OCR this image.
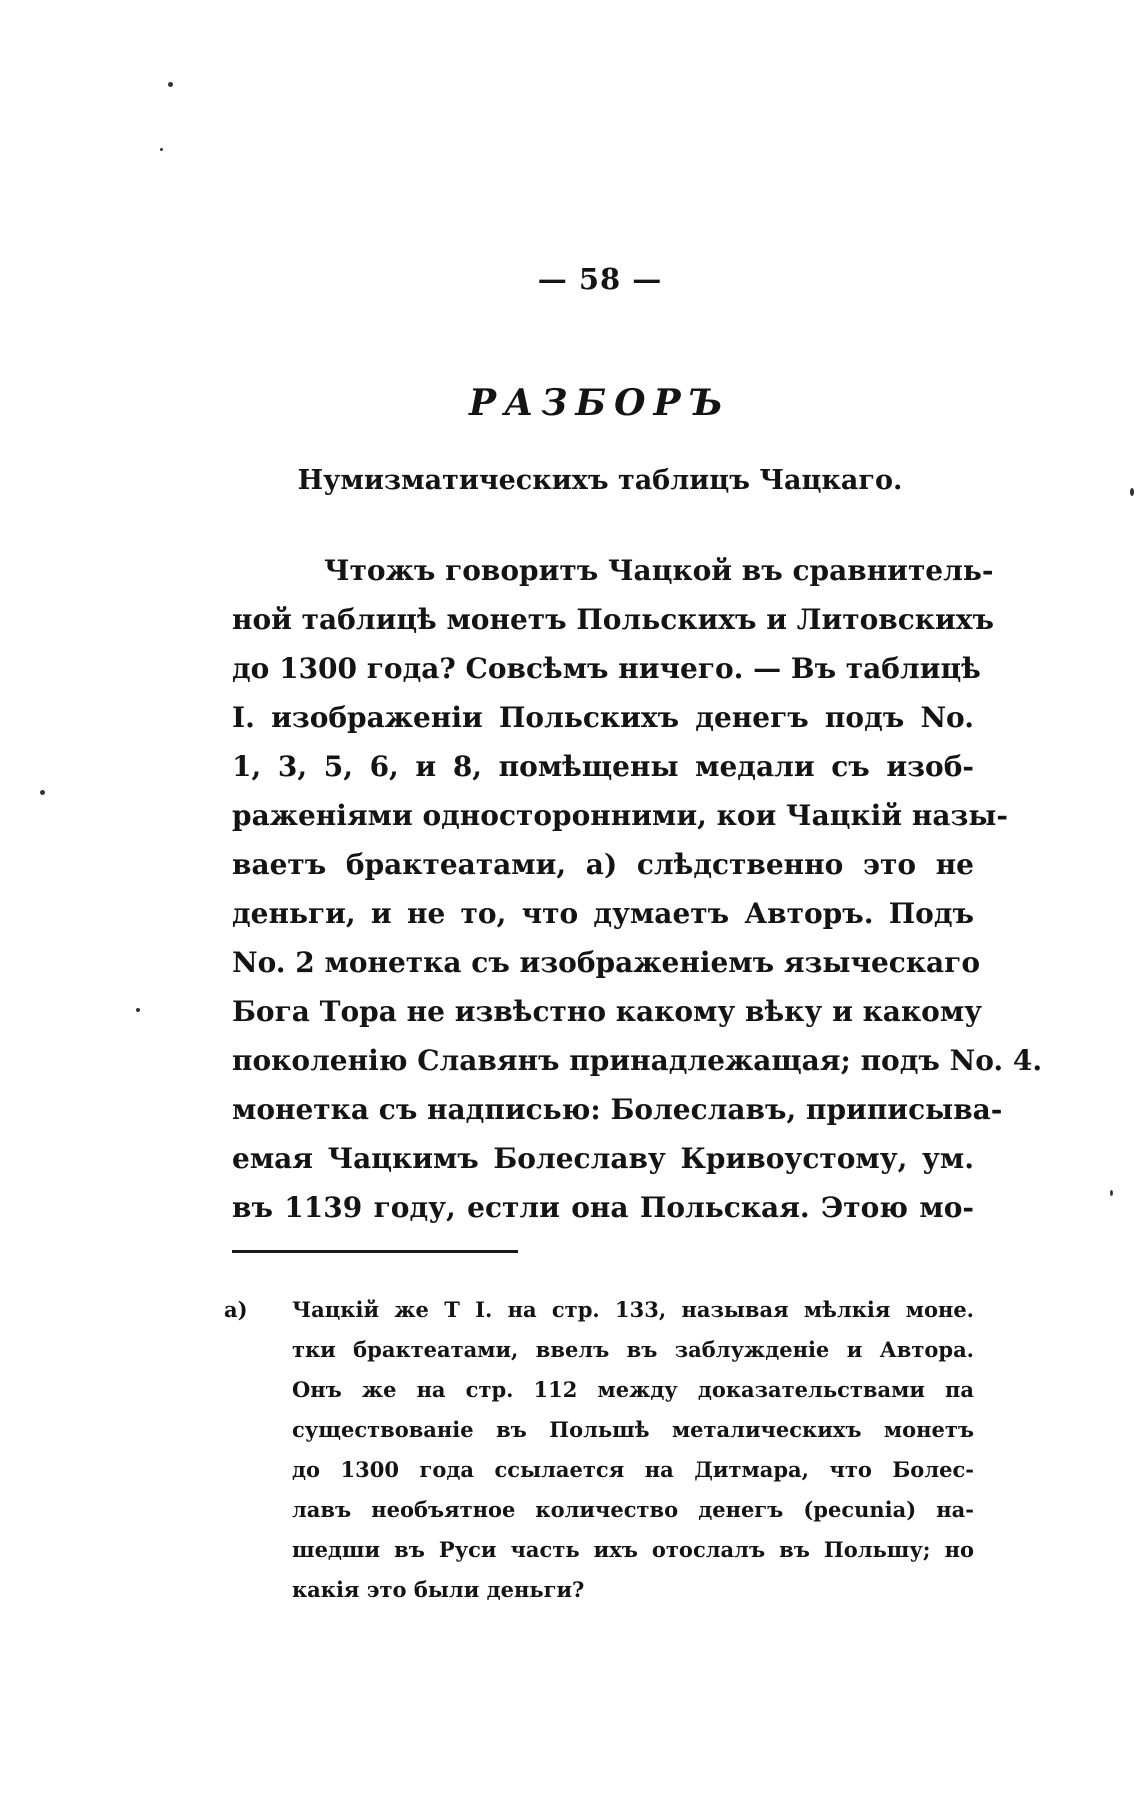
— 58 —
РАЗБОРЪ
Нумизматическихъ таблицъ Чацкаго.
Чтожъ говоритъ Чацкой въ сравнитель-
ной таблицѣ монетъ Польскихъ и Литовскихъ
до 1300 года? Совсѣмъ ничего. — Въ таблицѣ
I. изображеніи Польскихъ денегъ подъ No.
1, 3, 5, 6, и 8, помѣщены медали съ изоб-
раженіями односторонними, кои Чацкій назы-
ваетъ брактеатами, а) слѣдственно это не
деньги, и не то, что думаетъ Авторъ. Подъ
No. 2 монетка съ изображеніемъ языческаго
Бога Тора не извѣстно какому вѣку и какому
поколенію Славянъ принадлежащая; подъ No. 4.
монетка съ надписью: Болеславъ, приписыва-
емая Чацкимъ Болеславу Кривоустому, ум.
въ 1139 году, естли она Польская. Этою мо-
а) Чацкій же Т I. на стр. 133, называя мѣлкія моне.
тки брактеатами, ввелъ въ заблужденіе и Автора.
Онъ же на стр. 112 между доказательствами па
существованіе въ Польшѣ металическихъ монетъ
до 1300 года ссылается на Дитмара, что Болес-
лавъ необъятное количество денегъ (pecunia) на-
шедши въ Руси часть ихъ отослалъ въ Польшу; но
какія это были деньги?
